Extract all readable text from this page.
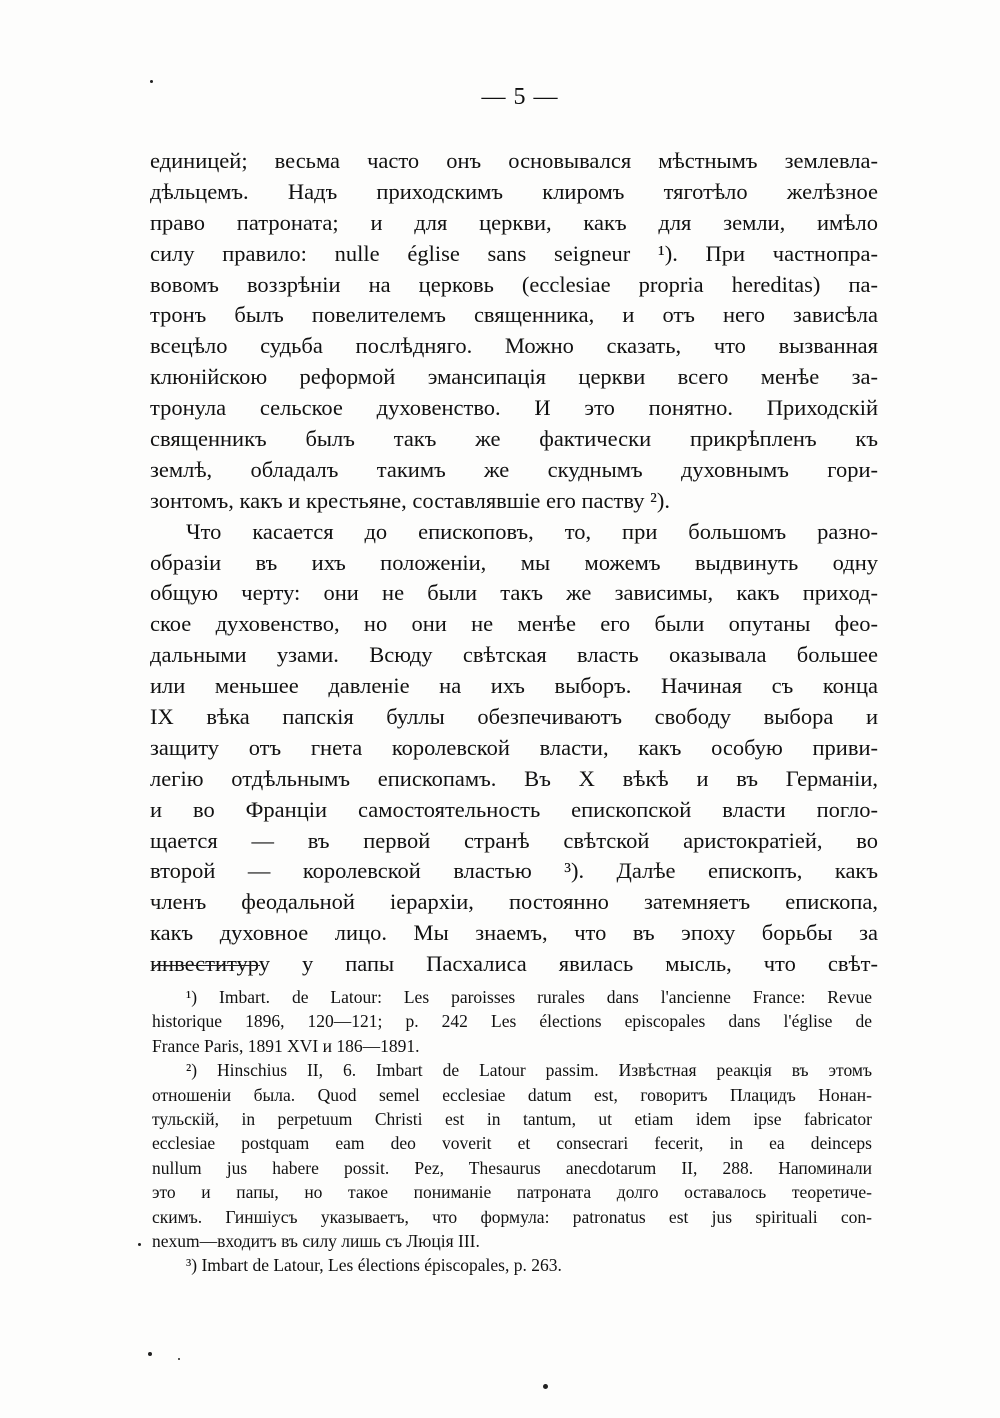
— 5 —
единицей; весьма часто онъ основывался мѣстнымъ землевла-
дѣльцемъ. Надъ приходскимъ клиромъ тяготѣло желѣзное
право патроната; и для церкви, какъ для земли, имѣло
силу правило: nulle église sans seigneur ¹). При частнопра-
вовомъ воззрѣніи на церковь (ecclesiae propria hereditas) па-
тронъ былъ повелителемъ священника, и отъ него зависѣла
всецѣло судьба послѣдняго. Можно сказать, что вызванная
клюнійскою реформой эмансипація церкви всего менѣе за-
тронула сельское духовенство. И это понятно. Приходскій
священникъ былъ такъ же фактически прикрѣпленъ къ
землѣ, обладалъ такимъ же скуднымъ духовнымъ гори-
зонтомъ, какъ и крестьяне, составлявшіе его паству ²).
Что касается до епископовъ, то, при большомъ разно-
образіи въ ихъ положеніи, мы можемъ выдвинуть одну
общую черту: они не были такъ же зависимы, какъ приход-
ское духовенство, но они не менѣе его были опутаны фео-
дальными узами. Всюду свѣтская власть оказывала большее
или меньшее давленіе на ихъ выборъ. Начиная съ конца
IX вѣка папскія буллы обезпечиваютъ свободу выбора и
защиту отъ гнета королевской власти, какъ особую приви-
легію отдѣльнымъ епископамъ. Въ X вѣкѣ и въ Германіи,
и во Франціи самостоятельность епископской власти погло-
щается — въ первой странѣ свѣтской аристократіей, во
второй — королевской властью ³). Далѣе епископъ, какъ
членъ феодальной іерархіи, постоянно затемняетъ епископа,
какъ духовное лицо. Мы знаемъ, что въ эпоху борьбы за
инвеституру у папы Пасхалиса явилась мысль, что свѣт-
¹) Imbart. de Latour: Les paroisses rurales dans l'ancienne France: Revue
historique 1896, 120—121; p. 242 Les élections episcopales dans l'église de
France Paris, 1891 XVI и 186—1891.
²) Hinschius II, 6. Imbart de Latour passim. Извѣстная реакція въ этомъ
отношеніи была. Quod semel ecclesiae datum est, говоритъ Плацидъ Нонан-
тульскій, in perpetuum Christi est in tantum, ut etiam idem ipse fabricator
ecclesiae postquam eam deo voverit et consecrari fecerit, in ea deinceps
nullum jus habere possit. Pez, Thesaurus anecdotarum II, 288. Напоминали
это и папы, но такое пониманіе патроната долго оставалось теоретиче-
скимъ. Гиншіусъ указываетъ, что формула: patronatus est jus spirituali con-
nexum—входитъ въ силу лишь съ Люція III.
³) Imbart de Latour, Les élections épiscopales, p. 263.
